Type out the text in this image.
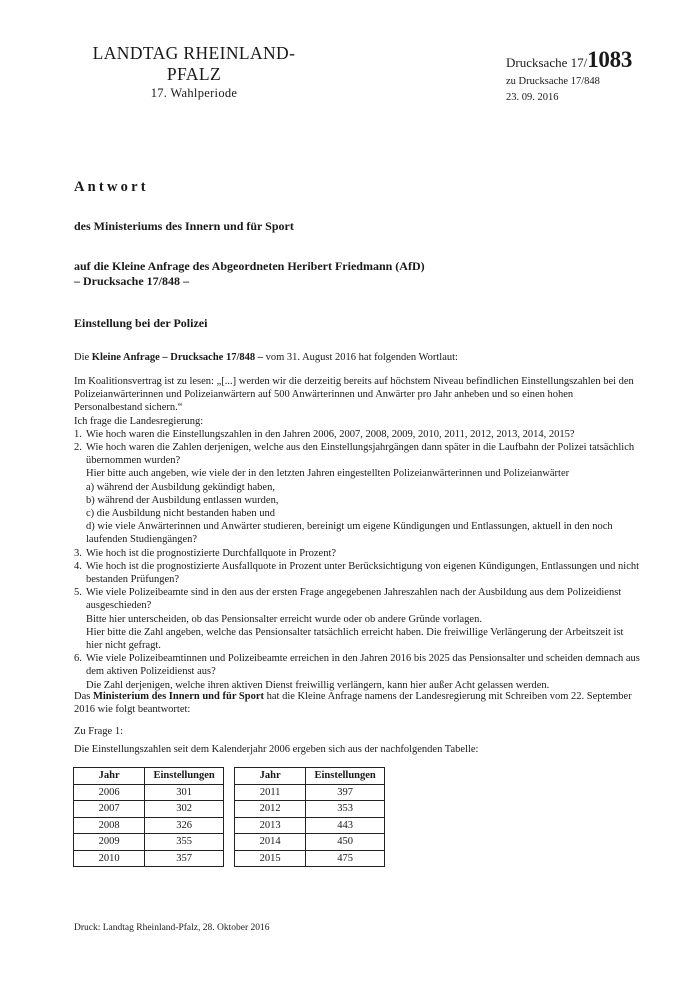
LANDTAG RHEINLAND-PFALZ
17. Wahlperiode
Drucksache 17/1083
zu Drucksache 17/848
23. 09. 2016
Antwort
des Ministeriums des Innern und für Sport
auf die Kleine Anfrage des Abgeordneten Heribert Friedmann (AfD)
– Drucksache 17/848 –
Einstellung bei der Polizei
Die Kleine Anfrage – Drucksache 17/848 – vom 31. August 2016 hat folgenden Wortlaut:

Im Koalitionsvertrag ist zu lesen: „[...] werden wir die derzeitig bereits auf höchstem Niveau befindlichen Einstellungszahlen bei den Polizeianwärterinnen und Polizeianwärtern auf 500 Anwärterinnen und Anwärter pro Jahr anheben und so einen hohen Personalbestand sichern.“

Ich frage die Landesregierung:

1. Wie hoch waren die Einstellungszahlen in den Jahren 2006, 2007, 2008, 2009, 2010, 2011, 2012, 2013, 2014, 2015?
2. Wie hoch waren die Zahlen derjenigen, welche aus den Einstellungsjahrgängen dann später in die Laufbahn der Polizei tatsächlich übernommen wurden?
Hier bitte auch angeben, wie viele der in den letzten Jahren eingestellten Polizeianwärterinnen und Polizeianwärter
a) während der Ausbildung gekündigt haben,
b) während der Ausbildung entlassen wurden,
c) die Ausbildung nicht bestanden haben und
d) wie viele Anwärterinnen und Anwärter studieren, bereinigt um eigene Kündigungen und Entlassungen, aktuell in den noch laufenden Studiengängen?
3. Wie hoch ist die prognostizierte Durchfallquote in Prozent?
4. Wie hoch ist die prognostizierte Ausfallquote in Prozent unter Berücksichtigung von eigenen Kündigungen, Entlassungen und nicht bestanden Prüfungen?
5. Wie viele Polizeibeamte sind in den aus der ersten Frage angegebenen Jahreszahlen nach der Ausbildung aus dem Polizeidienst ausgeschieden?
Bitte hier unterscheiden, ob das Pensionsalter erreicht wurde oder ob andere Gründe vorlagen.
Hier bitte die Zahl angeben, welche das Pensionsalter tatsächlich erreicht haben. Die freiwillige Verlängerung der Arbeitszeit ist hier nicht gefragt.
6. Wie viele Polizeibeamtinnen und Polizeibeamte erreichen in den Jahren 2016 bis 2025 das Pensionsalter und scheiden demnach aus dem aktiven Polizeidienst aus?
Die Zahl derjenigen, welche ihren aktiven Dienst freiwillig verlängern, kann hier außer Acht gelassen werden.
Das Ministerium des Innern und für Sport hat die Kleine Anfrage namens der Landesregierung mit Schreiben vom 22. September 2016 wie folgt beantwortet:
Zu Frage 1:
Die Einstellungszahlen seit dem Kalenderjahr 2006 ergeben sich aus der nachfolgenden Tabelle:
Jahr	Einstellungen
2006	301
2007	302
2008	326
2009	355
2010	357
Jahr	Einstellungen
2011	397
2012	353
2013	443
2014	450
2015	475
Druck: Landtag Rheinland-Pfalz, 28. Oktober 2016
